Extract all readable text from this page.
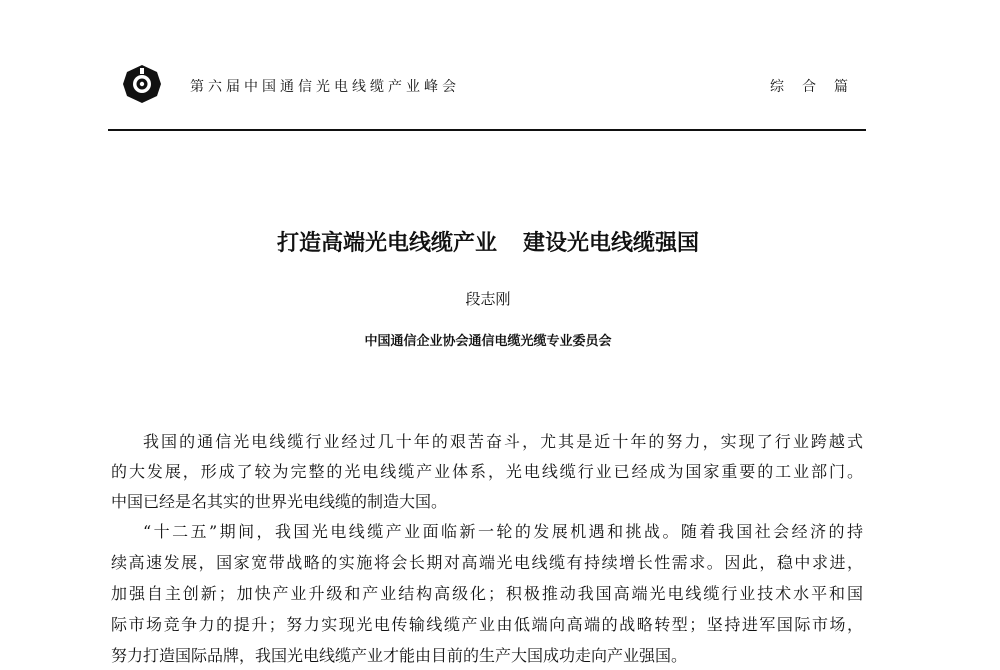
第六届中国通信光电线缆产业峰会	综合篇
打造高端光电线缆产业 建设光电线缆强国
段志刚
中国通信企业协会通信电缆光缆专业委员会
我国的通信光电线缆行业经过几十年的艰苦奋斗，尤其是近十年的努力，实现了行业跨越式
的大发展，形成了较为完整的光电线缆产业体系，光电线缆行业已经成为国家重要的工业部门。
中国已经是名其实的世界光电线缆的制造大国。
“十二五”期间，我国光电线缆产业面临新一轮的发展机遇和挑战。随着我国社会经济的持
续高速发展，国家宽带战略的实施将会长期对高端光电线缆有持续增长性需求。因此，稳中求进，
加强自主创新；加快产业升级和产业结构高级化；积极推动我国高端光电线缆行业技术水平和国
际市场竞争力的提升；努力实现光电传输线缆产业由低端向高端的战略转型；坚持进军国际市场，
努力打造国际品牌，我国光电线缆产业才能由目前的生产大国成功走向产业强国。
